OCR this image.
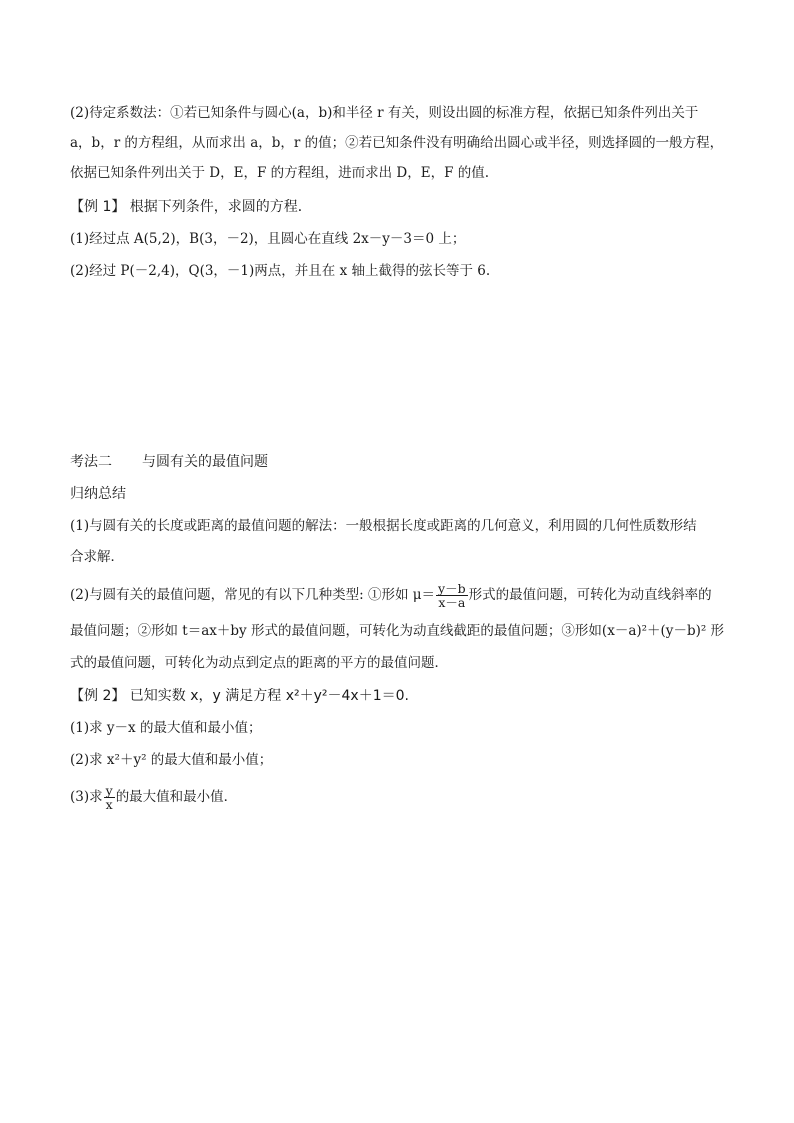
(2)待定系数法：①若已知条件与圆心(a，b)和半径 r 有关，则设出圆的标准方程，依据已知条件列出关于
a，b，r 的方程组，从而求出 a，b，r 的值；②若已知条件没有明确给出圆心或半径，则选择圆的一般方程，
依据已知条件列出关于 D，E，F 的方程组，进而求出 D，E，F 的值.
【例 1】 根据下列条件，求圆的方程．
(1)经过点 A(5,2)，B(3，－2)，且圆心在直线 2x－y－3＝0 上；
(2)经过 P(－2,4)，Q(3，－1)两点，并且在 x 轴上截得的弦长等于 6.
考法二 与圆有关的最值问题
归纳总结
(1)与圆有关的长度或距离的最值问题的解法：一般根据长度或距离的几何意义，利用圆的几何性质数形结
合求解．
(2)与圆有关的最值问题，常见的有以下几种类型: ①形如 $\mu= \frac{y-b}{x-a}$ 形式的最值问题，可转化为动直线斜率的
最值问题；②形如 t＝ax＋by 形式的最值问题，可转化为动直线截距的最值问题；③形如(x－a)²＋(y－b)² 形
式的最值问题，可转化为动点到定点的距离的平方的最值问题．
【例 2】 已知实数 x，y 满足方程 x²＋y²－4x＋1＝0.
(1)求 y－x 的最大值和最小值；
(2)求 x²＋y² 的最大值和最小值；
(3)求 $\frac{y}{x}$ 的最大值和最小值．
